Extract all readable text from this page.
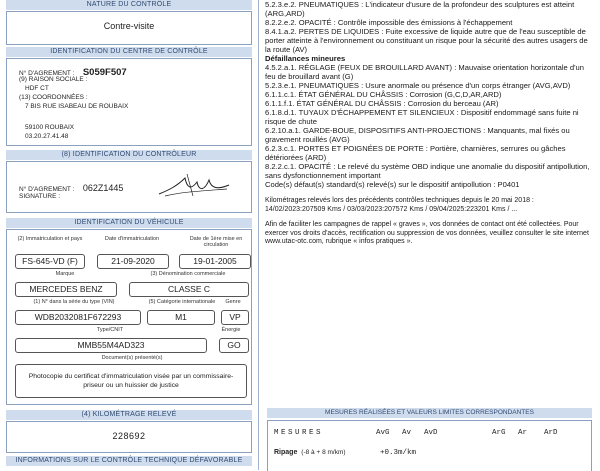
NATURE DU CONTRÔLE
Contre-visite
IDENTIFICATION DU CENTRE DE CONTRÔLE
N° D'AGREMENT : S059F507
(9) RAISON SOCIALE :
HDF CT
(13) COORDONNÉES :
7 BIS RUE ISABEAU DE ROUBAIX
59100 ROUBAIX
03.20.27.41.48
(8) IDENTIFICATION DU CONTRÔLEUR
N° D'AGREMENT : 062Z1445
SIGNATURE :
IDENTIFICATION DU VÉHICULE
(2) Immatriculation et pays	Date d'immatriculation	Date de 1ère mise en circulation
FS-645-VD (F)	21-09-2020	19-01-2005
Marque	(3) Dénomination commerciale
MERCEDES BENZ	CLASSE C
(1) N° dans la série du type (VIN)	(5) Catégorie internationale	Genre
WDB2032081F672293	M1	VP
Type/CNIT	Énergie
MMB55M4AD323	GO
Document(s) présenté(s)
Photocopie du certificat d'immatriculation visée par un commissaire-priseur ou un huissier de justice
(4) KILOMÉTRAGE RELEVÉ
228692
INFORMATIONS SUR LE CONTRÔLE TECHNIQUE DÉFAVORABLE
5.2.3.e.2. PNEUMATIQUES : L'indicateur d'usure de la profondeur des sculptures est atteint (ARG,ARD)
8.2.2.e.2. OPACITÉ : Contrôle impossible des émissions à l'échappement
8.4.1.a.2. PERTES DE LIQUIDES : Fuite excessive de liquide autre que de l'eau susceptible de porter atteinte à l'environnement ou constituant un risque pour la sécurité des autres usagers de la route (AV)
Défaillances mineures
4.5.2.a.1. RÉGLAGE (FEUX DE BROUILLARD AVANT) : Mauvaise orientation horizontale d'un feu de brouillard avant (G)
5.2.3.e.1. PNEUMATIQUES : Usure anormale ou présence d'un corps étranger (AVG,AVD)
6.1.1.c.1. ÉTAT GÉNÉRAL DU CHÂSSIS : Corrosion (G,C,D,AR,ARD)
6.1.1.f.1. ÉTAT GÉNÉRAL DU CHÂSSIS : Corrosion du berceau (AR)
6.1.8.d.1. TUYAUX D'ÉCHAPPEMENT ET SILENCIEUX : Dispositif endommagé sans fuite ni risque de chute
6.2.10.a.1. GARDE-BOUE, DISPOSITIFS ANTI-PROJECTIONS : Manquants, mal fixés ou gravement rouillés (AVG)
6.2.3.c.1. PORTES ET POIGNÉES DE PORTE : Portière, charnières, serrures ou gâches détériorées (ARD)
8.2.2.c.1. OPACITÉ : Le relevé du système OBD indique une anomalie du dispositif antipollution, sans dysfonctionnement important
Code(s) défaut(s) standard(s) relevé(s) sur le dispositif antipollution : P0401
Kilométrages relevés lors des précédents contrôles techniques depuis le 20 mai 2018 : 14/02/2023:207509 Kms / 03/03/2023:207572 Kms / 09/04/2025:223201 Kms / ...
Afin de faciliter les campagnes de rappel « graves », vos données de contact ont été collectées. Pour exercer vos droits d'accès, rectification ou suppression de vos données, veuillez consulter le site internet www.utac-otc.com, rubrique « infos pratiques ».
MESURES RÉALISÉES ET VALEURS LIMITES CORRESPONDANTES
MESURES	AvG Av AvD	ArG Ar ArD
Ripage (-8 à + 8 m/km)	+0.3m/km
